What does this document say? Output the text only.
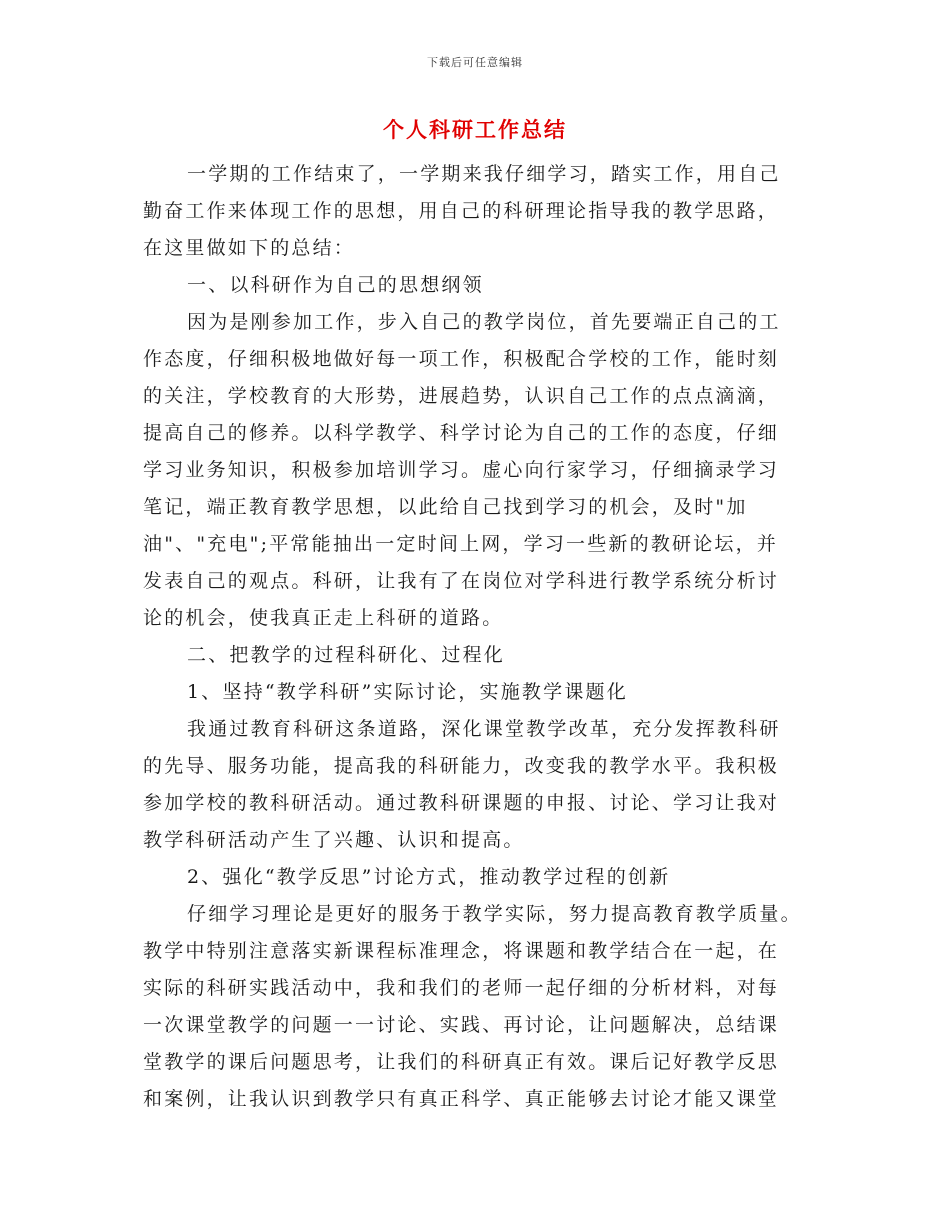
下载后可任意编辑
个人科研工作总结
一学期的工作结束了，一学期来我仔细学习，踏实工作，用自己
勤奋工作来体现工作的思想，用自己的科研理论指导我的教学思路，
在这里做如下的总结：
一、以科研作为自己的思想纲领
因为是刚参加工作，步入自己的教学岗位，首先要端正自己的工
作态度，仔细积极地做好每一项工作，积极配合学校的工作，能时刻
的关注，学校教育的大形势，进展趋势，认识自己工作的点点滴滴，
提高自己的修养。以科学教学、科学讨论为自己的工作的态度，仔细
学习业务知识，积极参加培训学习。虚心向行家学习，仔细摘录学习
笔记，端正教育教学思想，以此给自己找到学习的机会，及时"加
油"、"充电";平常能抽出一定时间上网，学习一些新的教研论坛，并
发表自己的观点。科研，让我有了在岗位对学科进行教学系统分析讨
论的机会，使我真正走上科研的道路。
二、把教学的过程科研化、过程化
1、坚持“教学科研”实际讨论，实施教学课题化
我通过教育科研这条道路，深化课堂教学改革，充分发挥教科研
的先导、服务功能，提高我的科研能力，改变我的教学水平。我积极
参加学校的教科研活动。通过教科研课题的申报、讨论、学习让我对
教学科研活动产生了兴趣、认识和提高。
2、强化“教学反思”讨论方式，推动教学过程的创新
仔细学习理论是更好的服务于教学实际，努力提高教育教学质量。
教学中特别注意落实新课程标准理念，将课题和教学结合在一起，在
实际的科研实践活动中，我和我们的老师一起仔细的分析材料，对每
一次课堂教学的问题一一讨论、实践、再讨论，让问题解决，总结课
堂教学的课后问题思考，让我们的科研真正有效。课后记好教学反思
和案例，让我认识到教学只有真正科学、真正能够去讨论才能又课堂
